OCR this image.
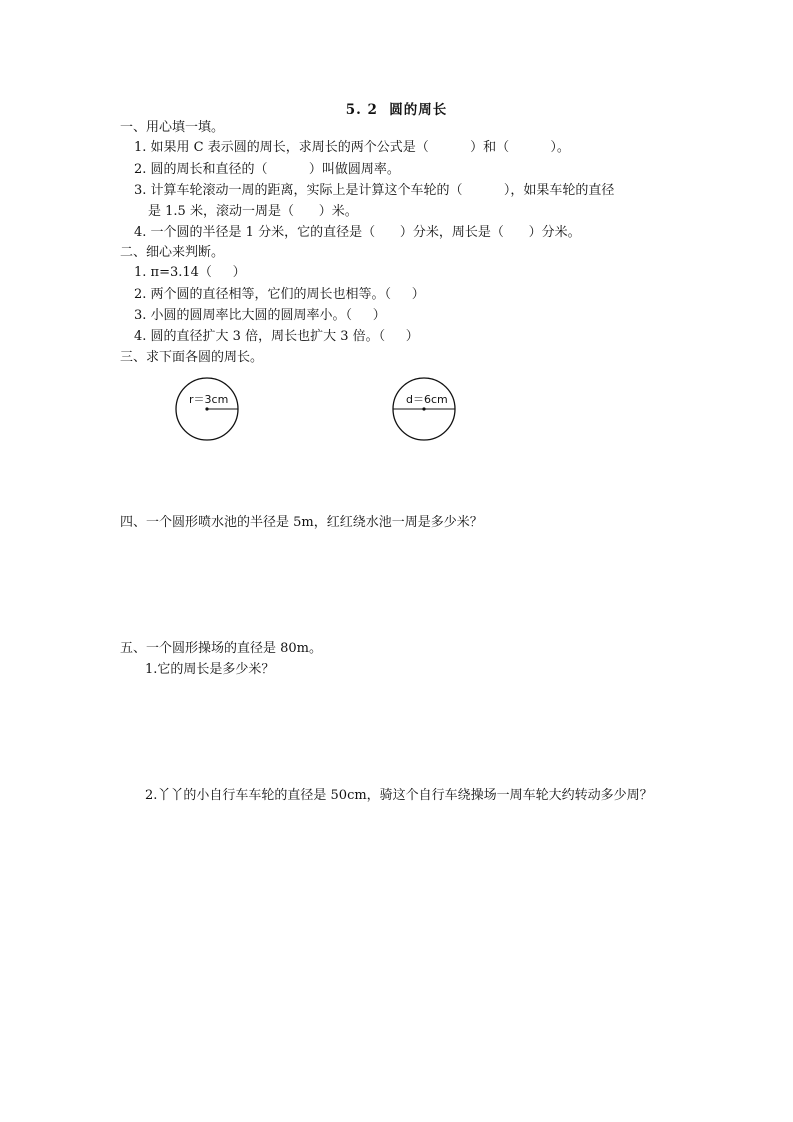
5. 2  圆的周长
一、用心填一填。
1. 如果用 C 表示圆的周长，求周长的两个公式是（          ）和（          ）。
2. 圆的周长和直径的（          ）叫做圆周率。
3. 计算车轮滚动一周的距离，实际上是计算这个车轮的（          ），如果车轮的直径
是 1.5 米，滚动一周是（      ）米。
4. 一个圆的半径是 1 分米，它的直径是（      ）分米，周长是（      ）分米。
二、细心来判断。
1. π=3.14（     ）
2. 两个圆的直径相等，它们的周长也相等。（     ）
3. 小圆的圆周率比大圆的圆周率小。（     ）
4. 圆的直径扩大 3 倍，周长也扩大 3 倍。（     ）
三、求下面各圆的周长。
r＝3cm	d＝6cm
四、一个圆形喷水池的半径是 5m，红红绕水池一周是多少米？
五、一个圆形操场的直径是 80m。
1.它的周长是多少米？
2.丫丫的小自行车车轮的直径是 50cm，骑这个自行车绕操场一周车轮大约转动多少周？
